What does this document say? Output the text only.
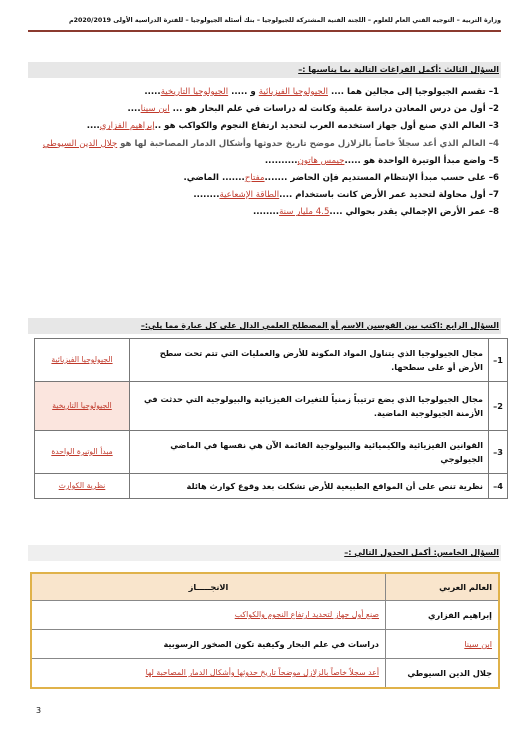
وزارة التربية – التوجيه الفني العام للعلوم – اللجنة الفنية المشتركة للجيولوجيا – بنك أسئلة الجيولوجيا – للفترة الدراسية الأولى 2020/2019م
السؤال الثالث :أكمل الفراغات التالية بما يناسبها :–
1– تقسم الجيولوجيا إلى مجالين هما .... الجيولوجيا الفيزيائية و ..... الجيولوجيا التاريخية.....
2– أول من درس المعادن دراسة علمية وكانت له دراسات في علم البحار هو ... ابن سينا....
3– العالم الذي صنع أول جهاز استخدمه العرب لتحديد ارتفاع النجوم والكواكب هو ..إبراهيم الفزاري....
4– العالم الذي أعد سجلاً خاصاً بالزلازل موضح تاريخ حدوثها وأشكال الدمار المصاحبة لها هو جلال الدين السيوطي
5– واضع مبدأ الوتيرة الواحدة هو .....جيمس هاتون..........
6– على حسب مبدأ الإنتظام المستديم فإن الحاضر .......مفتاح....... الماضي.
7– أول محاولة لتحديد عمر الأرض كانت باستخدام ....الطاقة الإشعاعية........
8– عمر الأرض الإجمالي يقدر بحوالي ....4.5 مليار سنة........
السؤال الرابع :اكتب بين القوسين الاسم أو المصطلح العلمي الدال على كل عبارة مما يلي:–
1–	مجال الجيولوجيا الذي يتناول المواد المكونة للأرض والعمليات التي تتم تحت سطح الأرض أو على سطحها.	الجيولوجيا الفيزيائية
2–	مجال الجيولوجيا الذي يضع ترتيباً زمنياً للتغيرات الفيزيائية والبيولوجية التي حدثت في الأزمنة الجيولوجية الماضية.	الجيولوجيا التاريخية
3–	القوانين الفيزيائية والكيميائية والبيولوجية القائمة الآن هي نفسها في الماضي الجيولوجي	مبدأ الوتيرة الواحدة
4–	نظرية تنص على أن المواقع الطبيعية للأرض تشكلت بعد وقوع كوارث هائلة	نظرية الكوارث
السؤال الخامس: أكمل الجدول التالي :–
العالم العربي	الانجـــــاز
إبراهيم الفزاري	صنع أول جهاز لتحديد ارتفاع النجوم والكواكب
ابن سينا	دراسات في علم البحار وكيفية تكون الصخور الرسوبية
جلال الدين السيوطي	أعد سجلاً خاصاً بالزلازل موضحاً تاريخ حدوثها وأشكال الدمار المصاحبة لها
3
